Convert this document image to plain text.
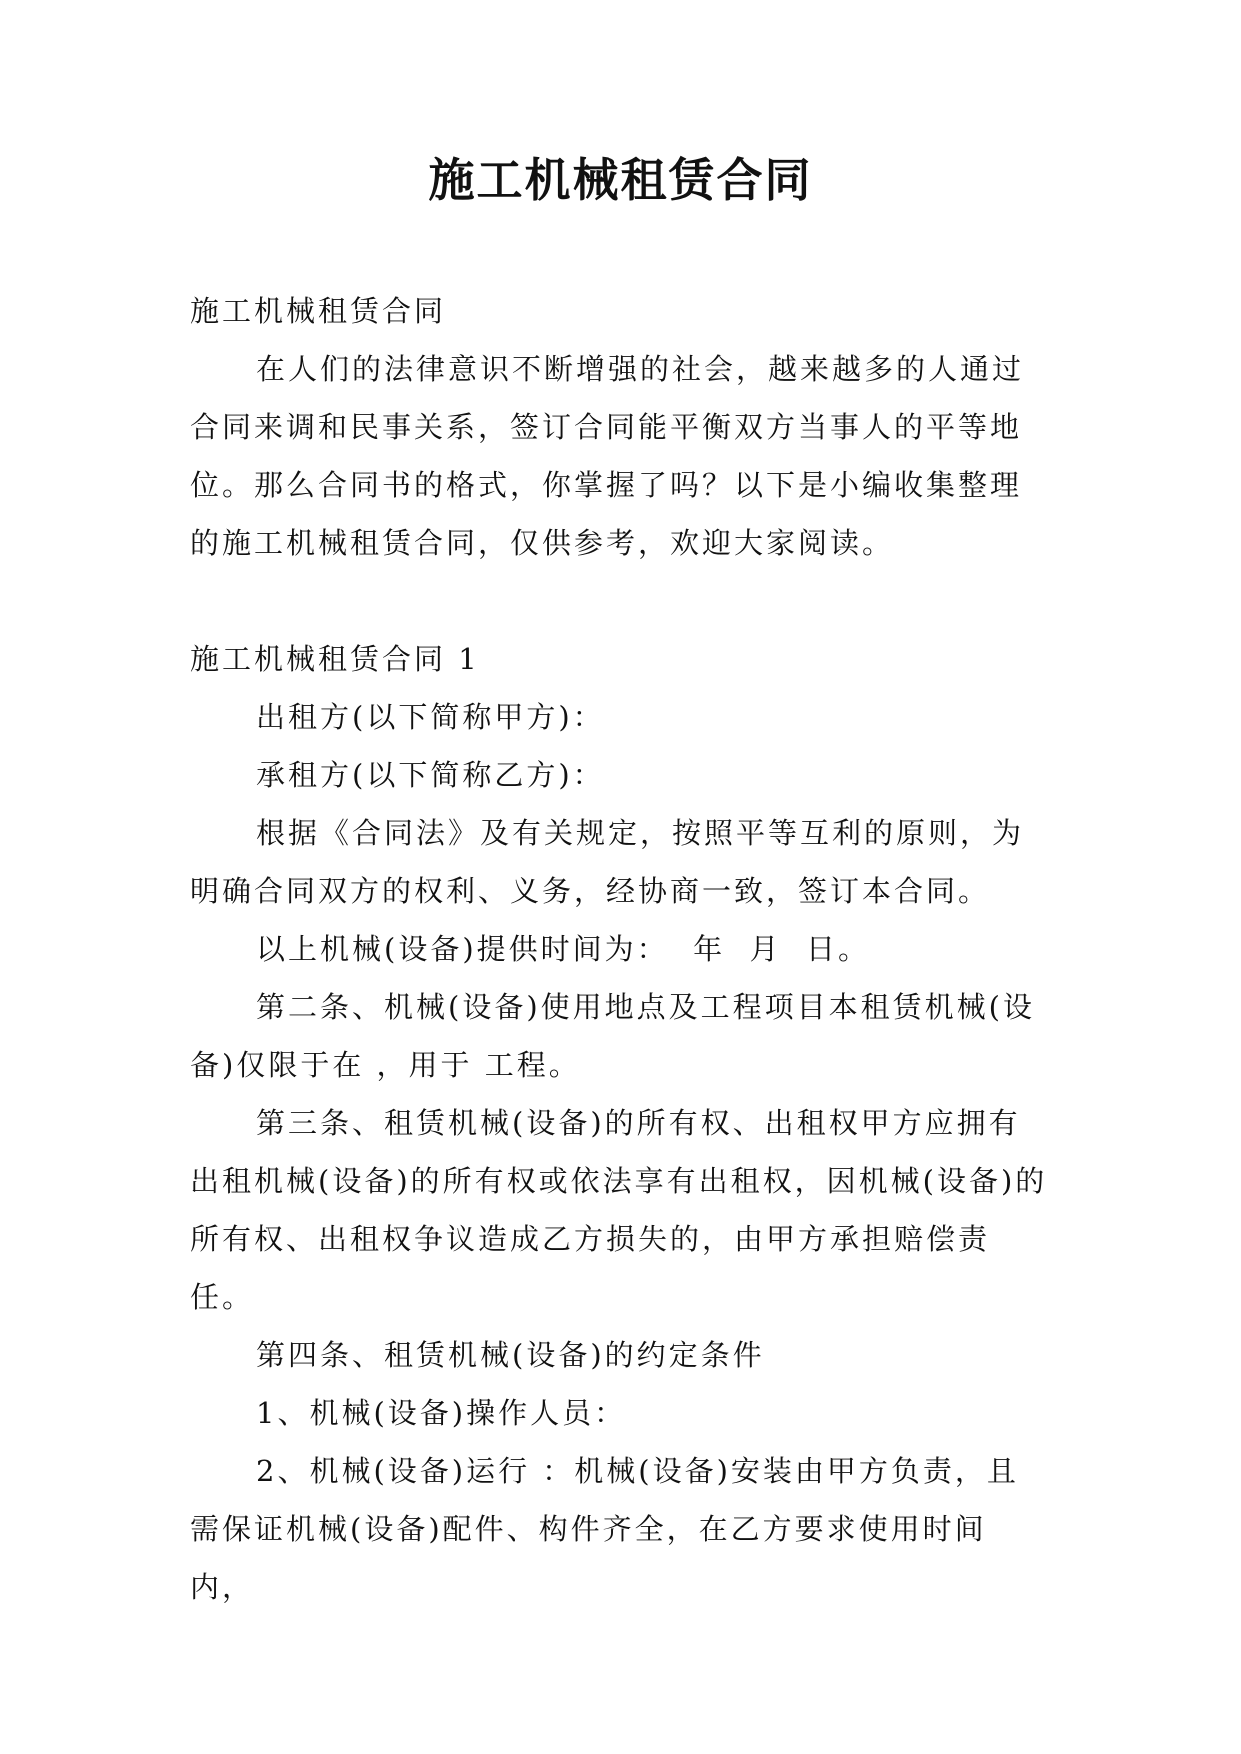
施工机械租赁合同

施工机械租赁合同

在人们的法律意识不断增强的社会，越来越多的人通过合同来调和民事关系，签订合同能平衡双方当事人的平等地位。那么合同书的格式，你掌握了吗？以下是小编收集整理的施工机械租赁合同，仅供参考，欢迎大家阅读。

施工机械租赁合同 1

出租方(以下简称甲方)：

承租方(以下简称乙方)：

根据《合同法》及有关规定，按照平等互利的原则，为明确合同双方的权利、义务，经协商一致，签订本合同。

以上机械(设备)提供时间为：  年  月  日。

第二条、机械(设备)使用地点及工程项目本租赁机械(设备)仅限于在 ，用于 工程。

第三条、租赁机械(设备)的所有权、出租权甲方应拥有出租机械(设备)的所有权或依法享有出租权，因机械(设备)的所有权、出租权争议造成乙方损失的，由甲方承担赔偿责任。

第四条、租赁机械(设备)的约定条件

1、机械(设备)操作人员：

2、机械(设备)运行 ：机械(设备)安装由甲方负责，且需保证机械(设备)配件、构件齐全，在乙方要求使用时间内，
